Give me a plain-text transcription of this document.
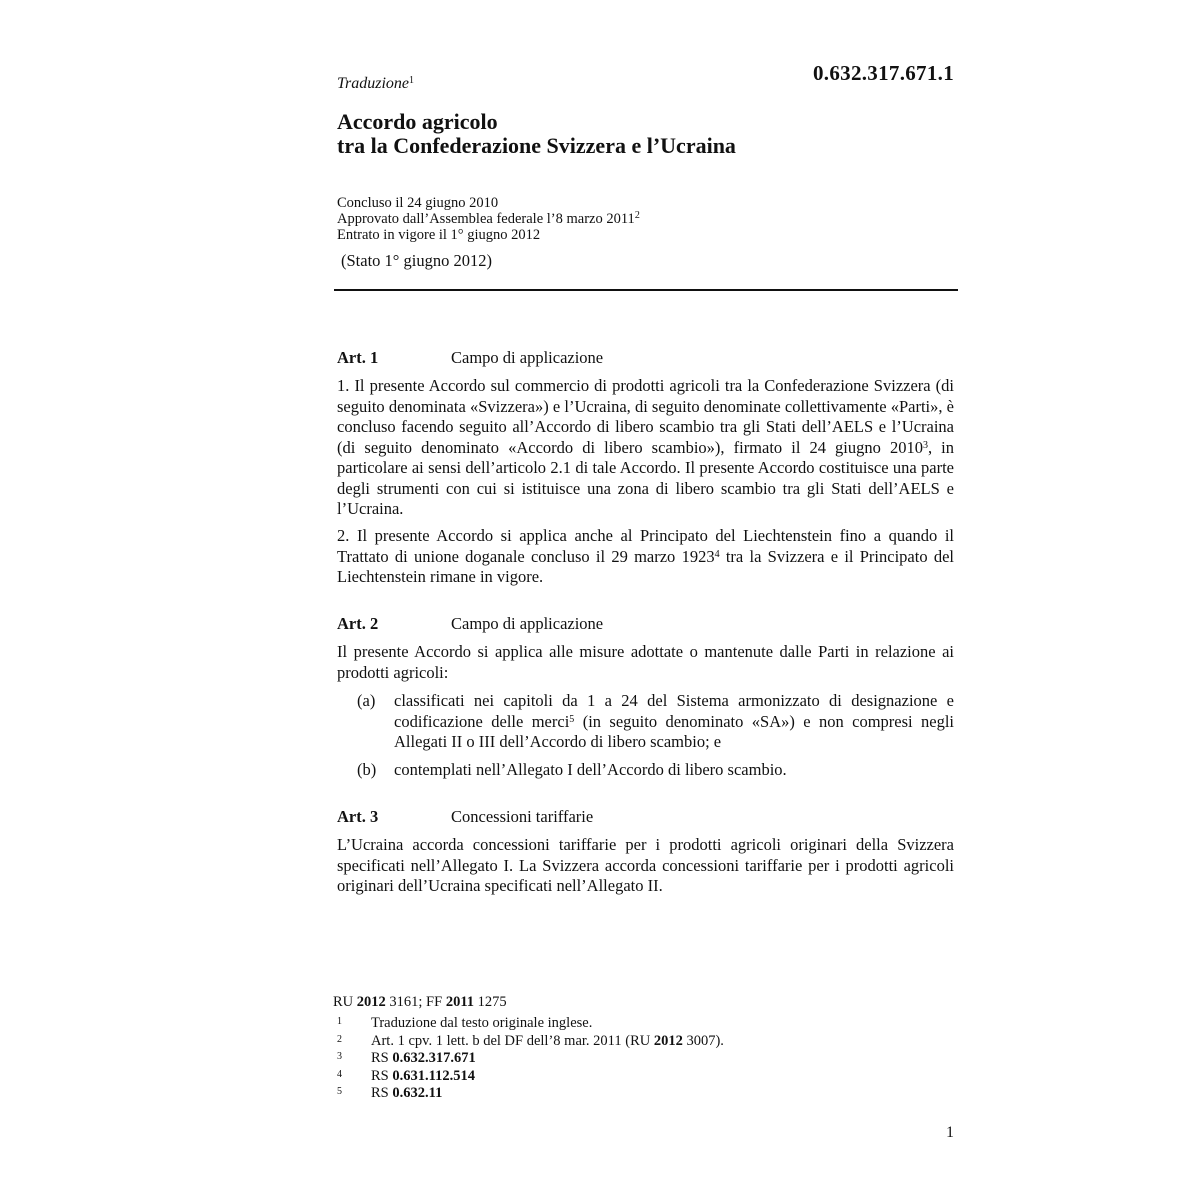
Traduzione$^1$	0.632.317.671.1
Accordo agricolo
tra la Confederazione Svizzera e l’Ucraina
Concluso il 24 giugno 2010
Approvato dall’Assemblea federale l’8 marzo 2011$^2$
Entrato in vigore il 1° giugno 2012
(Stato 1° giugno 2012)
Art. 1	Campo di applicazione
1. Il presente Accordo sul commercio di prodotti agricoli tra la Confederazione Svizzera (di seguito denominata «Svizzera») e l’Ucraina, di seguito denominate collettivamente «Parti», è concluso facendo seguito all’Accordo di libero scambio tra gli Stati dell’AELS e l’Ucraina (di seguito denominato «Accordo di libero scambio»), firmato il 24 giugno 2010$^3$, in particolare ai sensi dell’articolo 2.1 di tale Accordo. Il presente Accordo costituisce una parte degli strumenti con cui si istituisce una zona di libero scambio tra gli Stati dell’AELS e l’Ucraina.
2. Il presente Accordo si applica anche al Principato del Liechtenstein fino a quando il Trattato di unione doganale concluso il 29 marzo 1923$^4$ tra la Svizzera e il Principato del Liechtenstein rimane in vigore.
Art. 2	Campo di applicazione
Il presente Accordo si applica alle misure adottate o mantenute dalle Parti in relazione ai prodotti agricoli:
(a) classificati nei capitoli da 1 a 24 del Sistema armonizzato di designazione e codificazione delle merci$^5$ (in seguito denominato «SA») e non compresi negli Allegati II o III dell’Accordo di libero scambio; e
(b) contemplati nell’Allegato I dell’Accordo di libero scambio.
Art. 3	Concessioni tariffarie
L’Ucraina accorda concessioni tariffarie per i prodotti agricoli originari della Svizzera specificati nell’Allegato I. La Svizzera accorda concessioni tariffarie per i prodotti agricoli originari dell’Ucraina specificati nell’Allegato II.
RU 2012 3161; FF 2011 1275
1 Traduzione dal testo originale inglese.
2 Art. 1 cpv. 1 lett. b del DF dell’8 mar. 2011 (RU 2012 3007).
3 RS 0.632.317.671
4 RS 0.631.112.514
5 RS 0.632.11
1
